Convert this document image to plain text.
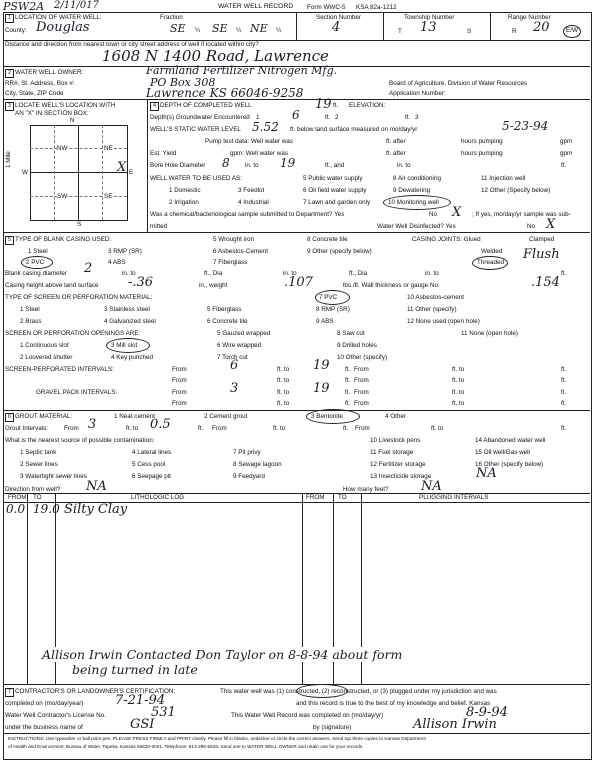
PSW2A 2/11/017	WATER WELL RECORD Form WWC-5 KSA 82a-1212
1 LOCATION OF WATER WELL:	Fraction	Section Number	Township Number	Range Number
County: Douglas	SE ¼ SE ¼ NE ¼	4	T 13	S	R 20	E/W
Distance and direction from nearest town or city street address of well if located within city?
1608 N 1400 Road, Lawrence
2 WATER WELL OWNER:	Farmland Fertilizer Nitrogen Mfg.
RR#, St. Address, Box #:	PO Box 308	Board of Agriculture, Division of Water Resources
City, State, ZIP Code	Lawrence KS 66046-9258	Application Number:
3 LOCATE WELL'S LOCATION WITH
AN "X" IN SECTION BOX:
N
NW	NE
SW	SE
W	E
S
1 Mile	X
4 DEPTH OF COMPLETED WELL	19 ft. ELEVATION:
Depth(s) Groundwater Encountered 1	6	ft. 2	ft. 3
WELL'S STATIC WATER LEVEL 5.52 ft. below land surface measured on mo/day/yr	5-23-94
Pump test data: Well water was	ft. after	hours pumping	gpm
Est. Yield	gpm: Well water was	ft. after	hours pumping	gpm
Bore Hole Diameter 8 in. to 19	ft., and	in. to	ft.
WELL WATER TO BE USED AS:	5 Public water supply	8 Air conditioning	11 Injection well
1 Domestic	3 Feedlot	6 Oil field water supply	9 Dewatering	12 Other (Specify below)
2 Irrigation	4 Industrial	7 Lawn and garden only	10 Monitoring well
Was a chemical/bacteriological sample submitted to Department? Yes	No X ; If yes, mo/day/yr sample was sub-
mitted	Water Well Disinfected? Yes	No X
5 TYPE OF BLANK CASING USED:	5 Wrought iron	8 Concrete tile	CASING JOINTS: Glued	Clamped
1 Steel	3 RMP (SR)	6 Asbestos-Cement	9 Other (specify below)	Welded
2 PVC	4 ABS	7 Fiberglass	Threaded
Flush
Blank casing diameter 2	in. to	ft., Dia	in. to	ft., Dia	in. to	ft.
Casing height above land surface -.36	in., weight	.107	lbs./ft. Wall thickness or gauge No.	.154
TYPE OF SCREEN OR PERFORATION MATERIAL:	7 PVC	10 Asbestos-cement
1 Steel	3 Stainless steel	5 Fiberglass	8 RMP (SR)	11 Other (specify)
2 Brass	4 Galvanized steel	6 Concrete tile	9 ABS	12 None used (open hole)
SCREEN OR PERFORATION OPENINGS ARE:	5 Gauzed wrapped	8 Saw cut	11 None (open hole)
1 Continuous slot	3 Mill slot	6 Wire wrapped	9 Drilled holes
2 Louvered shutter	4 Key punched	7 Torch cut	10 Other (specify)
SCREEN-PERFORATED INTERVALS:	From	6	ft. to 19 ft. From	ft. to	ft.
From	ft. to	ft. From	ft. to	ft.
GRAVEL PACK INTERVALS:	From	3	ft. to 19 ft. From	ft. to	ft.
From	ft. to	ft. From	ft. to	ft.
6 GROUT MATERIAL:	1 Neat cement	2 Cement grout	3 Bentonite	4 Other
Grout Intervals:	From 3	ft. to 0.5	ft. From	ft. to	ft. From	ft. to	ft.
What is the nearest source of possible contamination:	10 Livestock pens	14 Abandoned water well
1 Septic tank	4 Lateral lines	7 Pit privy	11 Fuel storage	15 Oil well/Gas well
2 Sewer lines	5 Cess pool	8 Sewage lagoon	12 Fertilizer storage	16 Other (specify below)
3 Watertight sewer lines	6 Seepage pit	9 Feedyard	13 Insecticide storage	NA
Direction from well? NA	How many feet?	NA
FROM TO	LITHOLOGIC LOG	FROM TO	PLUGGING INTERVALS
0.0 19.0 Silty Clay
Allison Irwin Contacted Don Taylor on 8-8-94 about form
being turned in late
7 CONTRACTOR'S OR LANDOWNER'S CERTIFICATION:	This water well was (1) constructed, (2) reconstructed, or (3) plugged under my jurisdiction and was
completed on (mo/day/year) 7-21-94	and this record is true to the best of my knowledge and belief. Kansas
Water Well Contractor's License No.	531	This Water Well Record was completed on (mo/day/yr)	8-9-94
under the business name of	GSI	by (signature)	Allison Irwin
INSTRUCTIONS: Use typewriter or ball point pen. PLEASE PRESS FIRMLY and PRINT clearly. Please fill in blanks, underline or circle the correct answers. Send top three copies to Kansas Department
of Health and Environment, Bureau of Water, Topeka, Kansas 66620-0001. Telephone: 913-296-5545. Send one to WATER WELL OWNER and retain one for your records.
